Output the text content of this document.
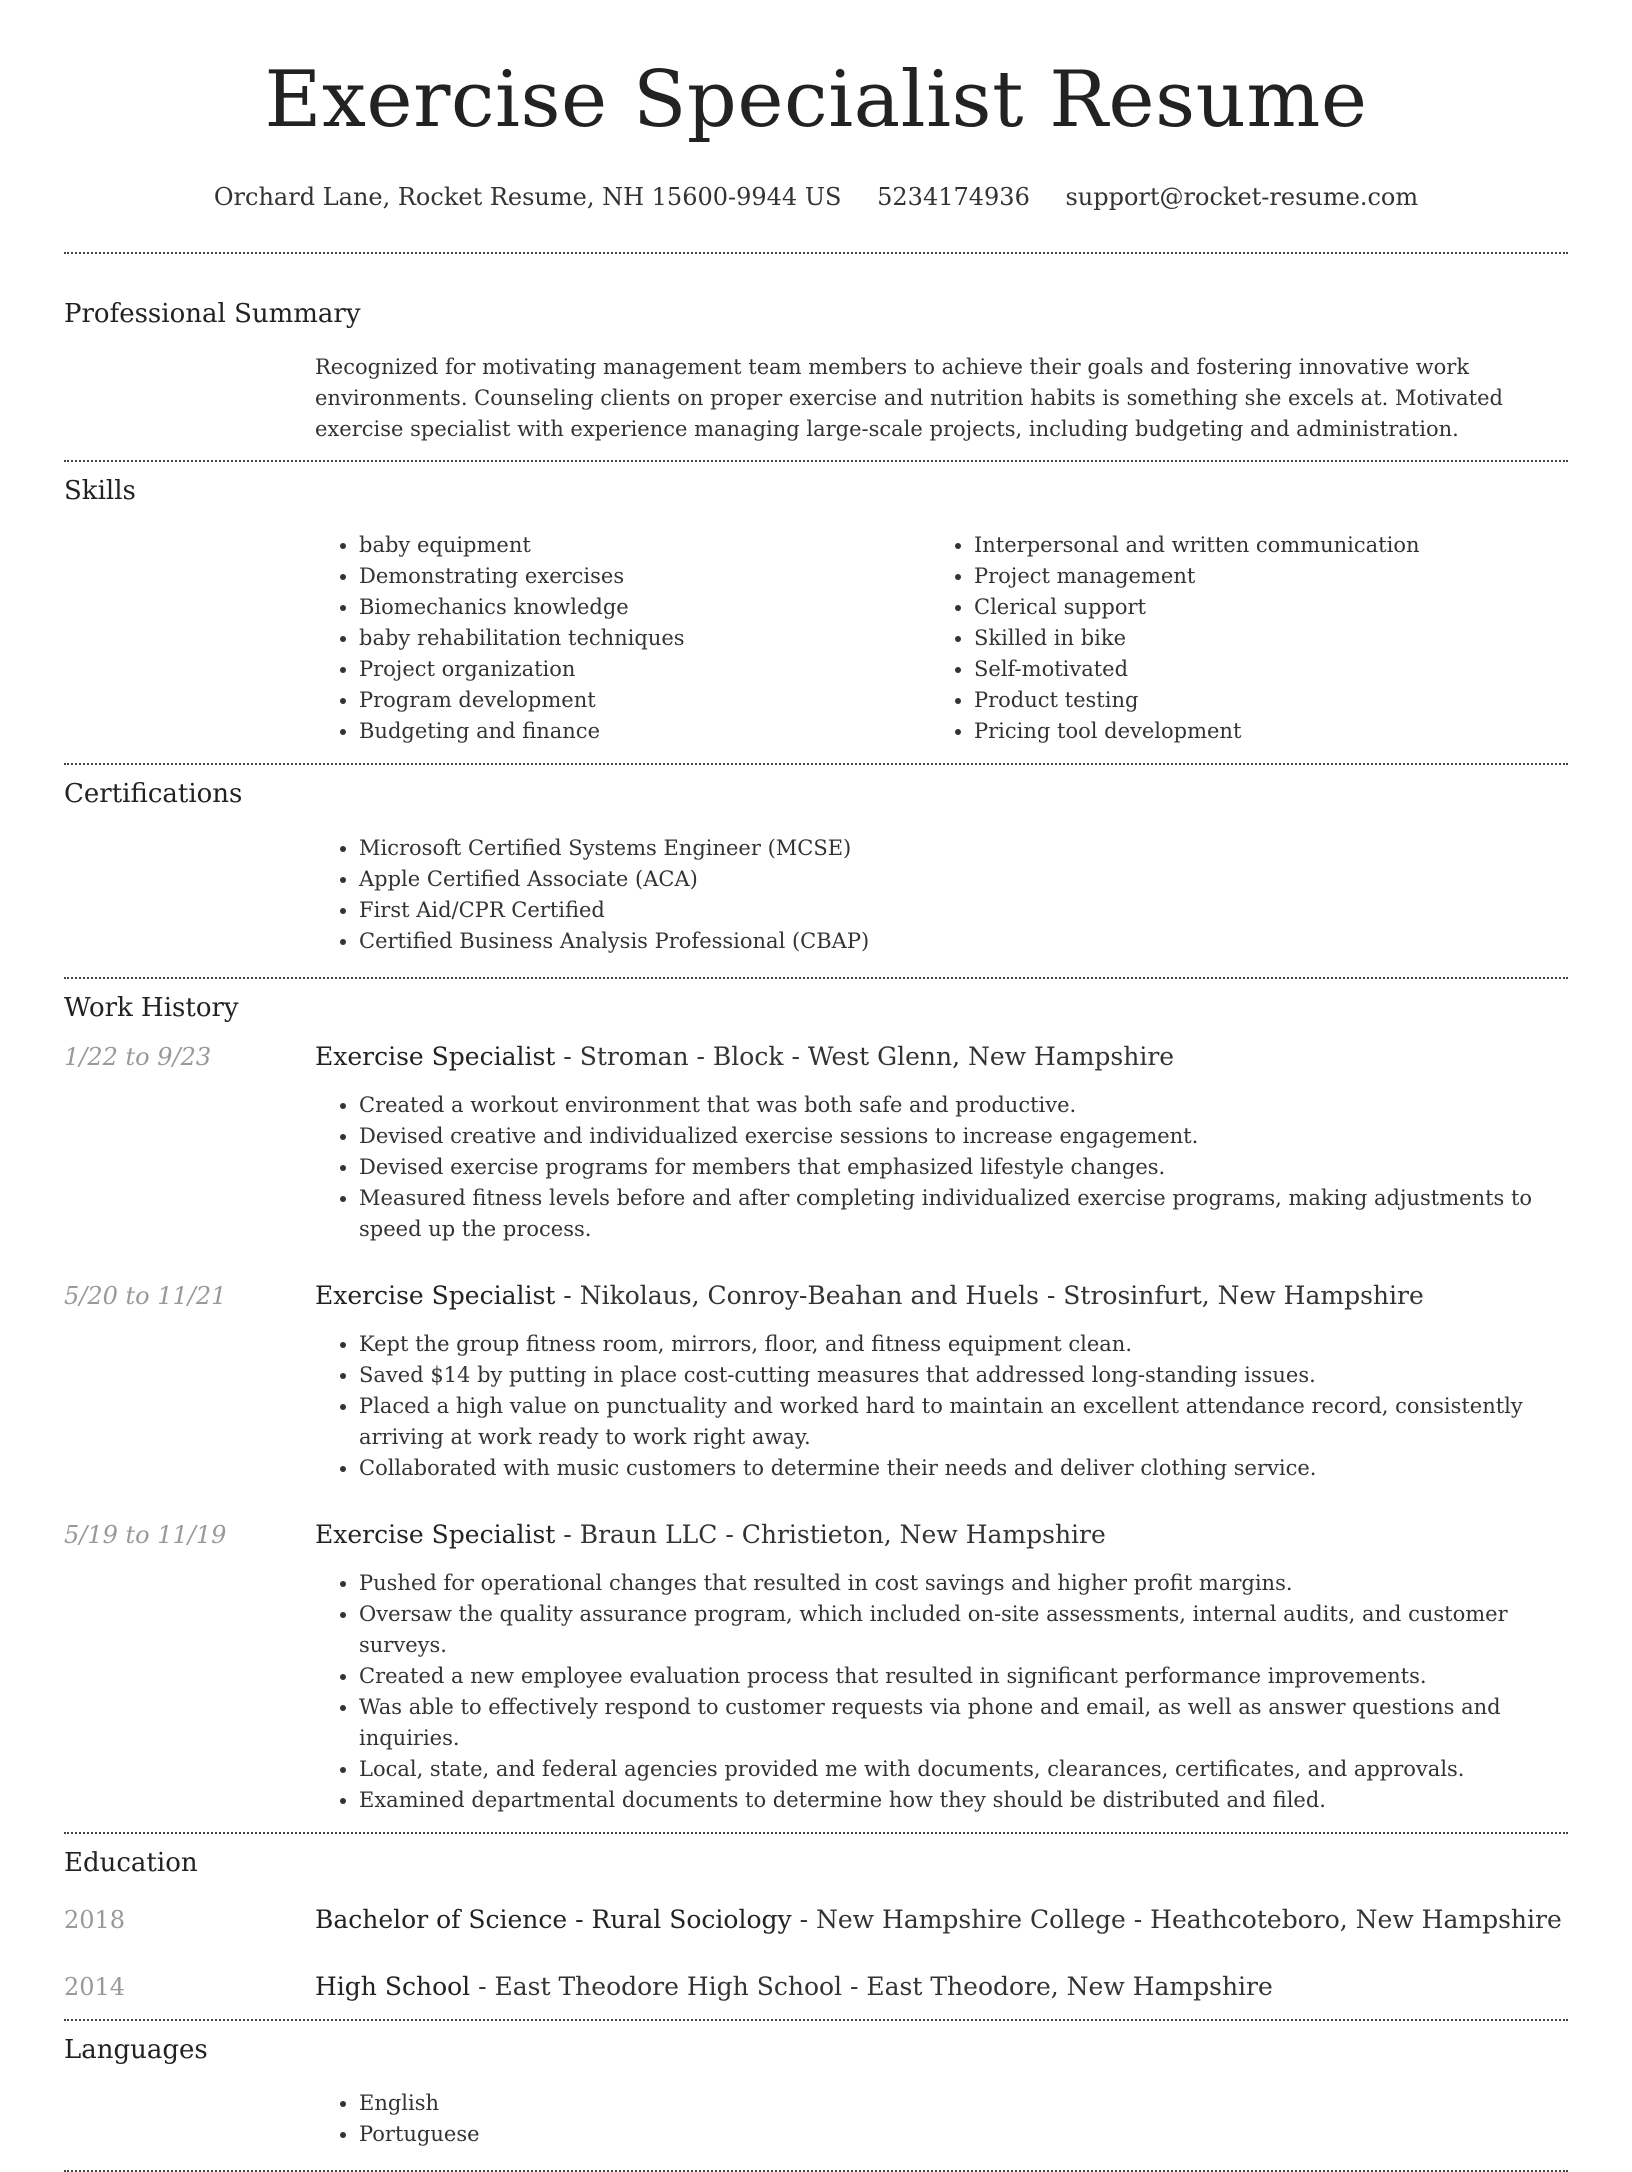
Exercise Specialist Resume
Orchard Lane, Rocket Resume, NH 15600-9944 US 5234174936 support@rocket-resume.com
Professional Summary

Recognized for motivating management team members to achieve their goals and fostering innovative work environments. Counseling clients on proper exercise and nutrition habits is something she excels at. Motivated exercise specialist with experience managing large-scale projects, including budgeting and administration.

Skills
• baby equipment
• Demonstrating exercises
• Biomechanics knowledge
• baby rehabilitation techniques
• Project organization
• Program development
• Budgeting and finance
• Interpersonal and written communication
• Project management
• Clerical support
• Skilled in bike
• Self-motivated
• Product testing
• Pricing tool development
Certifications
• Microsoft Certified Systems Engineer (MCSE)
• Apple Certified Associate (ACA)
• First Aid/CPR Certified
• Certified Business Analysis Professional (CBAP)
Work History
1/22 to 9/23	Exercise Specialist - Stroman - Block - West Glenn, New Hampshire
• Created a workout environment that was both safe and productive.
• Devised creative and individualized exercise sessions to increase engagement.
• Devised exercise programs for members that emphasized lifestyle changes.
• Measured fitness levels before and after completing individualized exercise programs, making adjustments to speed up the process.
5/20 to 11/21	Exercise Specialist - Nikolaus, Conroy-Beahan and Huels - Strosinfurt, New Hampshire
• Kept the group fitness room, mirrors, floor, and fitness equipment clean.
• Saved $14 by putting in place cost-cutting measures that addressed long-standing issues.
• Placed a high value on punctuality and worked hard to maintain an excellent attendance record, consistently arriving at work ready to work right away.
• Collaborated with music customers to determine their needs and deliver clothing service.
5/19 to 11/19	Exercise Specialist - Braun LLC - Christieton, New Hampshire
• Pushed for operational changes that resulted in cost savings and higher profit margins.
• Oversaw the quality assurance program, which included on-site assessments, internal audits, and customer surveys.
• Created a new employee evaluation process that resulted in significant performance improvements.
• Was able to effectively respond to customer requests via phone and email, as well as answer questions and inquiries.
• Local, state, and federal agencies provided me with documents, clearances, certificates, and approvals.
• Examined departmental documents to determine how they should be distributed and filed.
Education
2018	Bachelor of Science - Rural Sociology - New Hampshire College - Heathcoteboro, New Hampshire
2014	High School - East Theodore High School - East Theodore, New Hampshire
Languages
• English
• Portuguese
